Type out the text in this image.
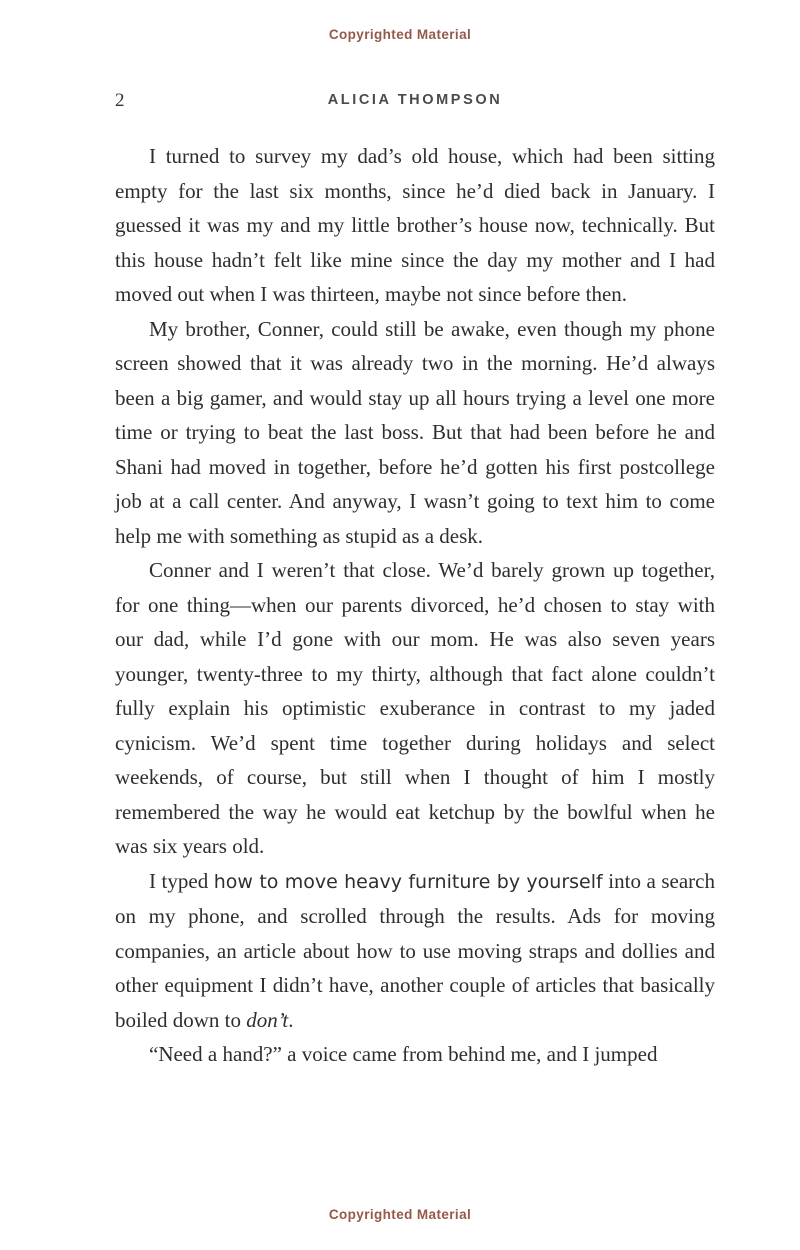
Copyrighted Material
2	ALICIA THOMPSON

I turned to survey my dad’s old house, which had been sitting empty for the last six months, since he’d died back in January. I guessed it was my and my little brother’s house now, technically. But this house hadn’t felt like mine since the day my mother and I had moved out when I was thirteen, maybe not since before then.

My brother, Conner, could still be awake, even though my phone screen showed that it was already two in the morning. He’d always been a big gamer, and would stay up all hours trying a level one more time or trying to beat the last boss. But that had been before he and Shani had moved in together, before he’d gotten his first postcollege job at a call center. And anyway, I wasn’t going to text him to come help me with something as stupid as a desk.

Conner and I weren’t that close. We’d barely grown up together, for one thing—when our parents divorced, he’d chosen to stay with our dad, while I’d gone with our mom. He was also seven years younger, twenty-three to my thirty, although that fact alone couldn’t fully explain his optimistic exuberance in contrast to my jaded cynicism. We’d spent time together during holidays and select weekends, of course, but still when I thought of him I mostly remembered the way he would eat ketchup by the bowlful when he was six years old.

I typed how to move heavy furniture by yourself into a search on my phone, and scrolled through the results. Ads for moving companies, an article about how to use moving straps and dollies and other equipment I didn’t have, another couple of articles that basically boiled down to don’t.

“Need a hand?” a voice came from behind me, and I jumped

Copyrighted Material
